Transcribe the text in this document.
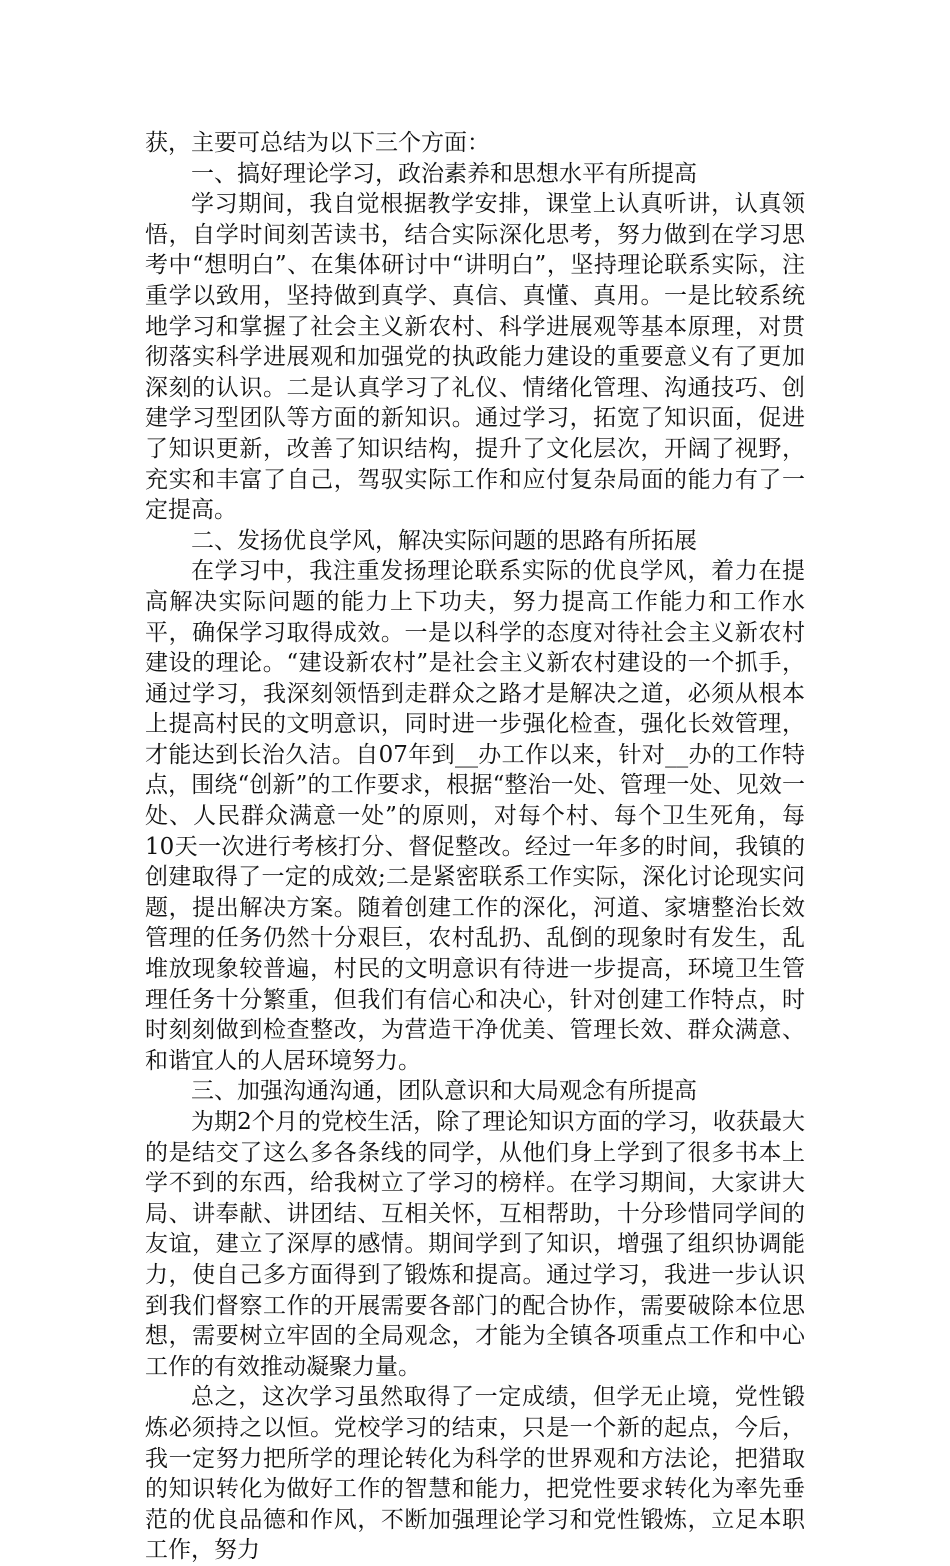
获，主要可总结为以下三个方面：

一、搞好理论学习，政治素养和思想水平有所提高

学习期间，我自觉根据教学安排，课堂上认真听讲，认真领悟，自学时间刻苦读书，结合实际深化思考，努力做到在学习思考中“想明白”、在集体研讨中“讲明白”，坚持理论联系实际，注重学以致用，坚持做到真学、真信、真懂、真用。一是比较系统地学习和掌握了社会主义新农村、科学进展观等基本原理，对贯彻落实科学进展观和加强党的执政能力建设的重要意义有了更加深刻的认识。二是认真学习了礼仪、情绪化管理、沟通技巧、创建学习型团队等方面的新知识。通过学习，拓宽了知识面，促进了知识更新，改善了知识结构，提升了文化层次，开阔了视野，充实和丰富了自己，驾驭实际工作和应付复杂局面的能力有了一定提高。

二、发扬优良学风，解决实际问题的思路有所拓展

在学习中，我注重发扬理论联系实际的优良学风，着力在提高解决实际问题的能力上下功夫，努力提高工作能力和工作水平，确保学习取得成效。一是以科学的态度对待社会主义新农村建设的理论。“建设新农村”是社会主义新农村建设的一个抓手，通过学习，我深刻领悟到走群众之路才是解决之道，必须从根本上提高村民的文明意识，同时进一步强化检查，强化长效管理，才能达到长治久洁。自07年到__办工作以来，针对__办的工作特点，围绕“创新”的工作要求，根据“整治一处、管理一处、见效一处、人民群众满意一处”的原则，对每个村、每个卫生死角，每10天一次进行考核打分、督促整改。经过一年多的时间，我镇的创建取得了一定的成效;二是紧密联系工作实际，深化讨论现实问题，提出解决方案。随着创建工作的深化，河道、家塘整治长效管理的任务仍然十分艰巨，农村乱扔、乱倒的现象时有发生，乱堆放现象较普遍，村民的文明意识有待进一步提高，环境卫生管理任务十分繁重，但我们有信心和决心，针对创建工作特点，时时刻刻做到检查整改，为营造干净优美、管理长效、群众满意、和谐宜人的人居环境努力。

三、加强沟通沟通，团队意识和大局观念有所提高

为期2个月的党校生活，除了理论知识方面的学习，收获最大的是结交了这么多各条线的同学，从他们身上学到了很多书本上学不到的东西，给我树立了学习的榜样。在学习期间，大家讲大局、讲奉献、讲团结、互相关怀，互相帮助，十分珍惜同学间的友谊，建立了深厚的感情。期间学到了知识，增强了组织协调能力，使自己多方面得到了锻炼和提高。通过学习，我进一步认识到我们督察工作的开展需要各部门的配合协作，需要破除本位思想，需要树立牢固的全局观念，才能为全镇各项重点工作和中心工作的有效推动凝聚力量。

总之，这次学习虽然取得了一定成绩，但学无止境，党性锻炼必须持之以恒。党校学习的结束，只是一个新的起点，今后，我一定努力把所学的理论转化为科学的世界观和方法论，把猎取的知识转化为做好工作的智慧和能力，把党性要求转化为率先垂范的优良品德和作风，不断加强理论学习和党性锻炼，立足本职工作，努力
